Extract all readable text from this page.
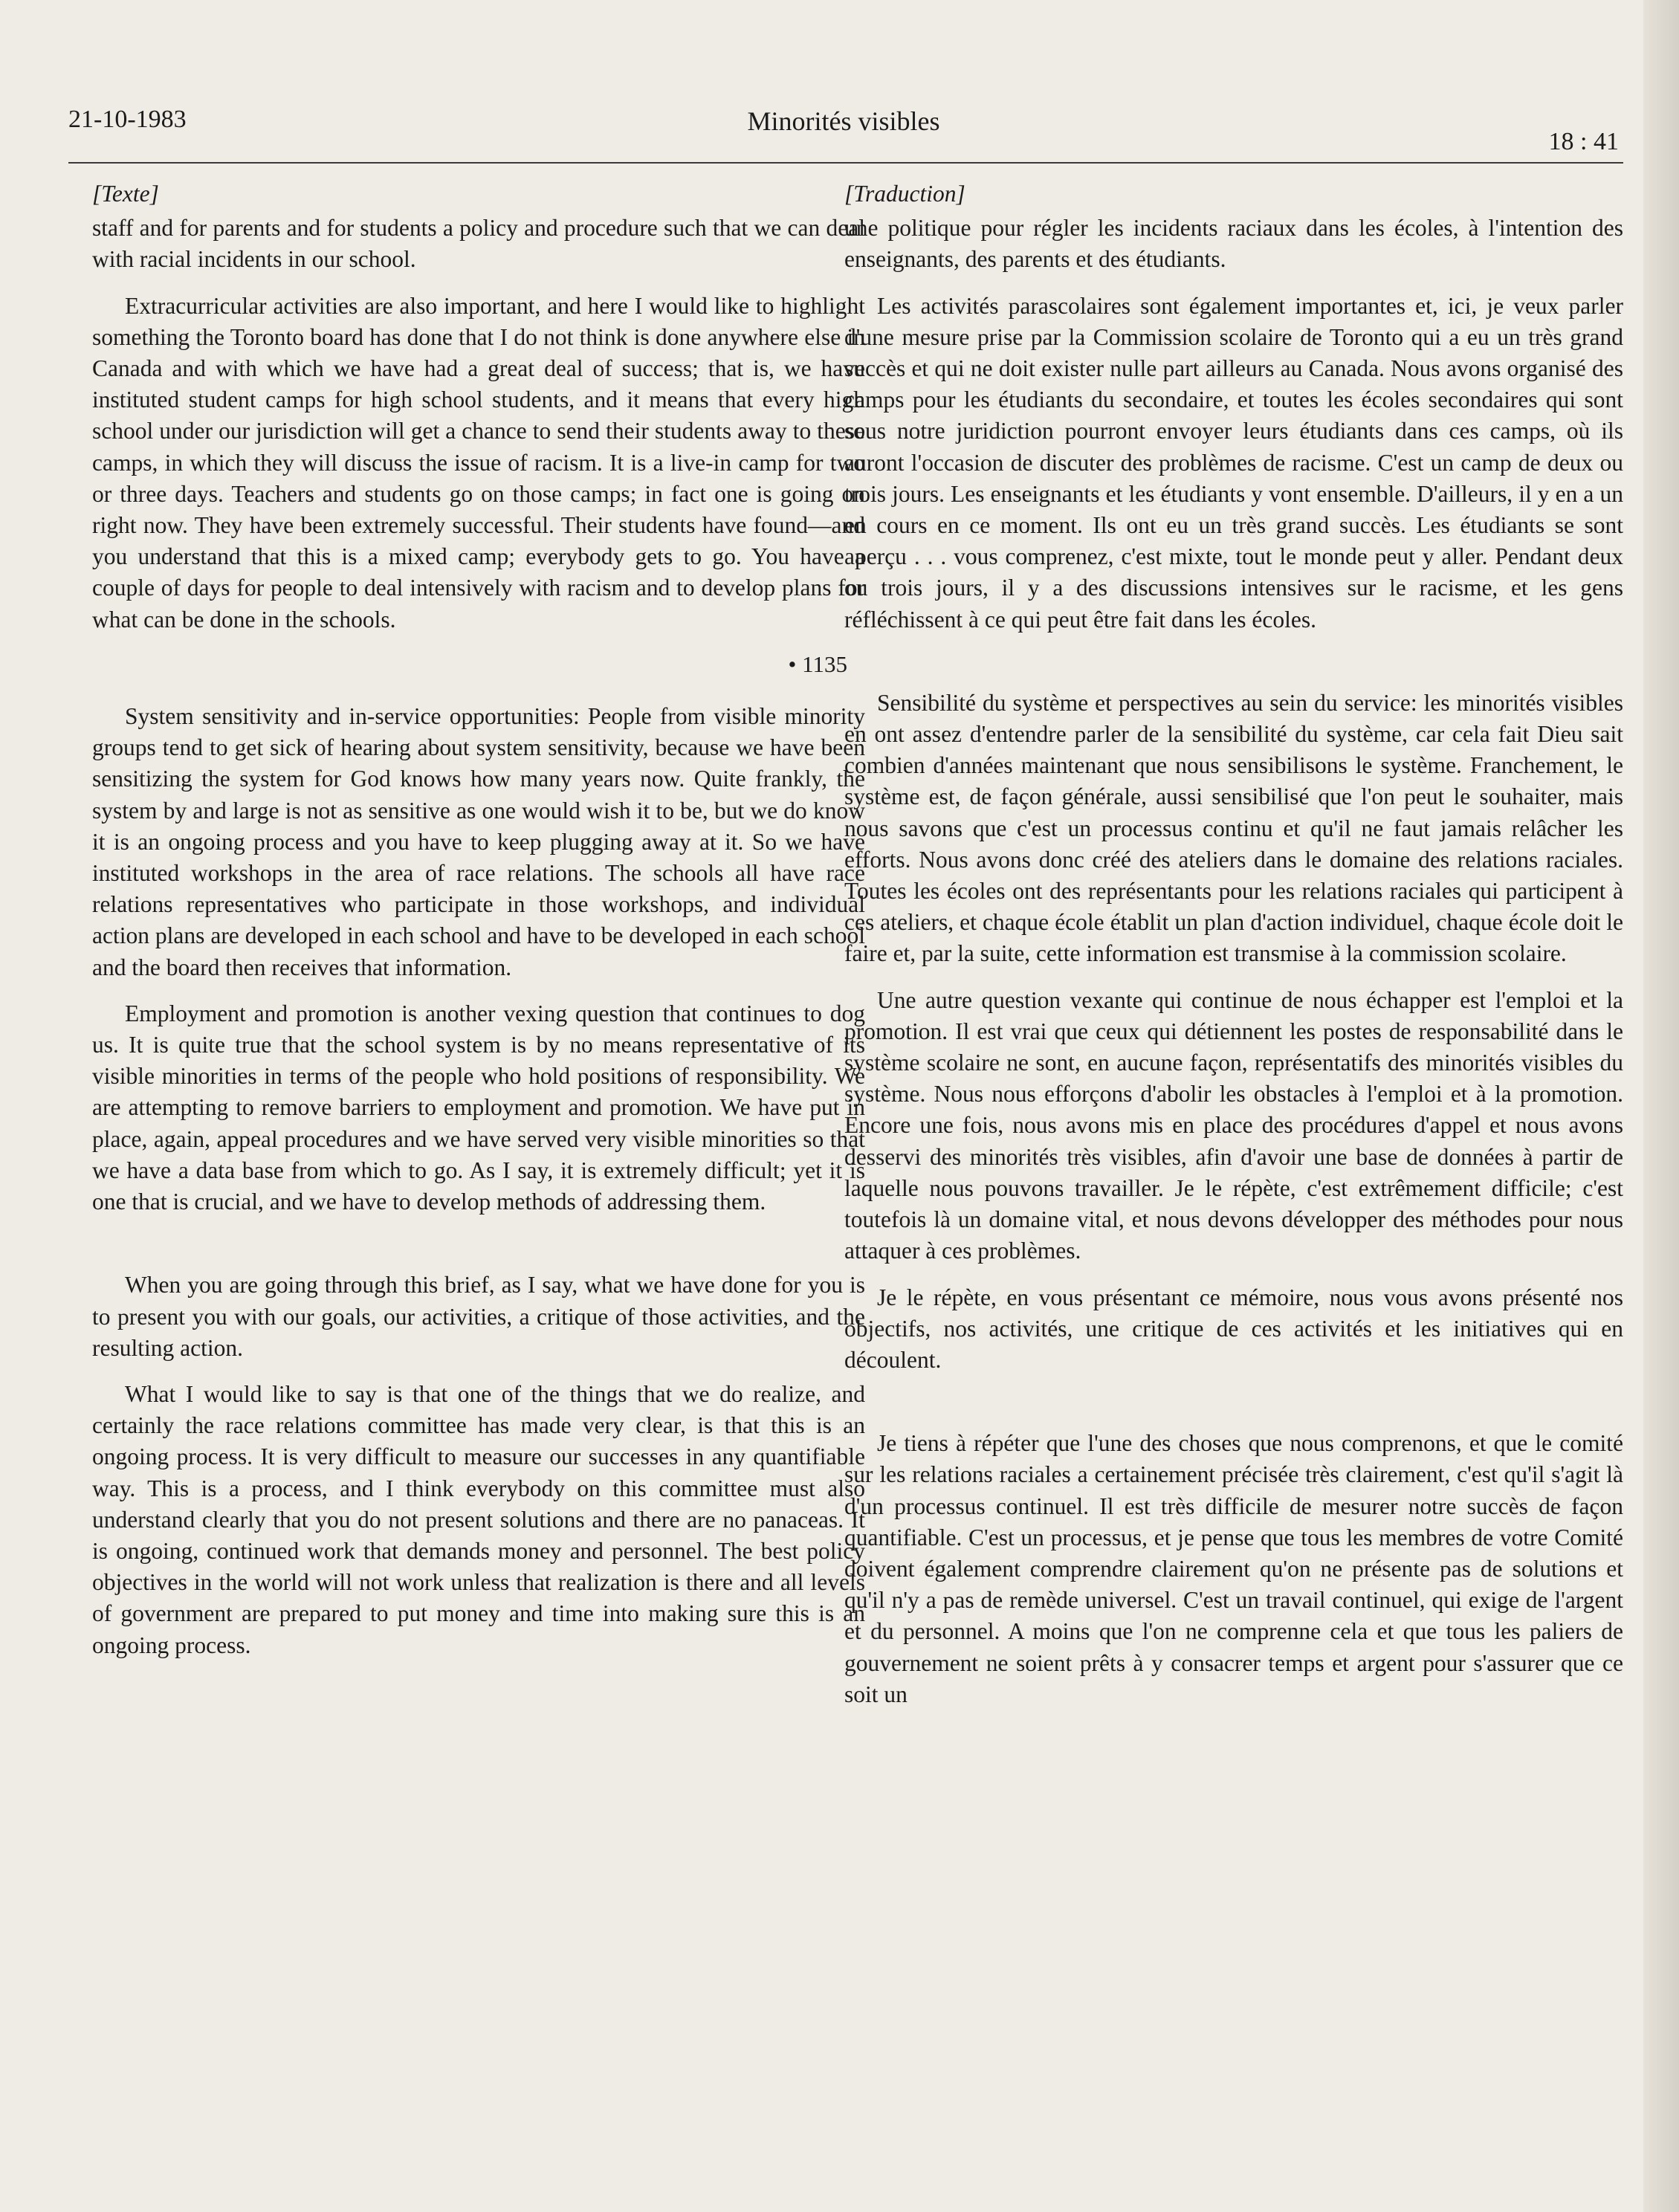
21-10-1983	Minorités visibles
18 : 41
[Texte]

staff and for parents and for students a policy and procedure such that we can deal with racial incidents in our school.

Extracurricular activities are also important, and here I would like to highlight something the Toronto board has done that I do not think is done anywhere else in Canada and with which we have had a great deal of success; that is, we have instituted student camps for high school students, and it means that every high school under our jurisdiction will get a chance to send their students away to these camps, in which they will discuss the issue of racism. It is a live-in camp for two or three days. Teachers and students go on those camps; in fact one is going on right now. They have been extremely successful. Their students have found—and you understand that this is a mixed camp; everybody gets to go. You have a couple of days for people to deal intensively with racism and to develop plans for what can be done in the schools.

• 1135

System sensitivity and in-service opportunities: People from visible minority groups tend to get sick of hearing about system sensitivity, because we have been sensitizing the system for God knows how many years now. Quite frankly, the system by and large is not as sensitive as one would wish it to be, but we do know it is an ongoing process and you have to keep plugging away at it. So we have instituted workshops in the area of race relations. The schools all have race relations representatives who participate in those workshops, and individual action plans are developed in each school and have to be developed in each school and the board then receives that information.

Employment and promotion is another vexing question that continues to dog us. It is quite true that the school system is by no means representative of its visible minorities in terms of the people who hold positions of responsibility. We are attempting to remove barriers to employment and promotion. We have put in place, again, appeal procedures and we have served very visible minorities so that we have a data base from which to go. As I say, it is extremely difficult; yet it is one that is crucial, and we have to develop methods of addressing them.

When you are going through this brief, as I say, what we have done for you is to present you with our goals, our activities, a critique of those activities, and the resulting action.

What I would like to say is that one of the things that we do realize, and certainly the race relations committee has made very clear, is that this is an ongoing process. It is very difficult to measure our successes in any quantifiable way. This is a process, and I think everybody on this committee must also understand clearly that you do not present solutions and there are no panaceas. It is ongoing, continued work that demands money and personnel. The best policy objectives in the world will not work unless that realization is there and all levels of government are prepared to put money and time into making sure this is an ongoing process.

[Traduction]

une politique pour régler les incidents raciaux dans les écoles, à l'intention des enseignants, des parents et des étudiants.

Les activités parascolaires sont également importantes et, ici, je veux parler d'une mesure prise par la Commission scolaire de Toronto qui a eu un très grand succès et qui ne doit exister nulle part ailleurs au Canada. Nous avons organisé des camps pour les étudiants du secondaire, et toutes les écoles secondaires qui sont sous notre juridiction pourront envoyer leurs étudiants dans ces camps, où ils auront l'occasion de discuter des problèmes de racisme. C'est un camp de deux ou trois jours. Les enseignants et les étudiants y vont ensemble. D'ailleurs, il y en a un en cours en ce moment. Ils ont eu un très grand succès. Les étudiants se sont aperçu . . . vous comprenez, c'est mixte, tout le monde peut y aller. Pendant deux ou trois jours, il y a des discussions intensives sur le racisme, et les gens réfléchissent à ce qui peut être fait dans les écoles.

Sensibilité du système et perspectives au sein du service: les minorités visibles en ont assez d'entendre parler de la sensibilité du système, car cela fait Dieu sait combien d'années maintenant que nous sensibilisons le système. Franchement, le système est, de façon générale, aussi sensibilisé que l'on peut le souhaiter, mais nous savons que c'est un processus continu et qu'il ne faut jamais relâcher les efforts. Nous avons donc créé des ateliers dans le domaine des relations raciales. Toutes les écoles ont des représentants pour les relations raciales qui participent à ces ateliers, et chaque école établit un plan d'action individuel, chaque école doit le faire et, par la suite, cette information est transmise à la commission scolaire.

Une autre question vexante qui continue de nous échapper est l'emploi et la promotion. Il est vrai que ceux qui détiennent les postes de responsabilité dans le système scolaire ne sont, en aucune façon, représentatifs des minorités visibles du système. Nous nous efforçons d'abolir les obstacles à l'emploi et à la promotion. Encore une fois, nous avons mis en place des procédures d'appel et nous avons desservi des minorités très visibles, afin d'avoir une base de données à partir de laquelle nous pouvons travailler. Je le répète, c'est extrêmement difficile; c'est toutefois là un domaine vital, et nous devons développer des méthodes pour nous attaquer à ces problèmes.

Je le répète, en vous présentant ce mémoire, nous vous avons présenté nos objectifs, nos activités, une critique de ces activités et les initiatives qui en découlent.

Je tiens à répéter que l'une des choses que nous comprenons, et que le comité sur les relations raciales a certainement précisée très clairement, c'est qu'il s'agit là d'un processus continuel. Il est très difficile de mesurer notre succès de façon quantifiable. C'est un processus, et je pense que tous les membres de votre Comité doivent également comprendre clairement qu'on ne présente pas de solutions et qu'il n'y a pas de remède universel. C'est un travail continuel, qui exige de l'argent et du personnel. A moins que l'on ne comprenne cela et que tous les paliers de gouvernement ne soient prêts à y consacrer temps et argent pour s'assurer que ce soit un
